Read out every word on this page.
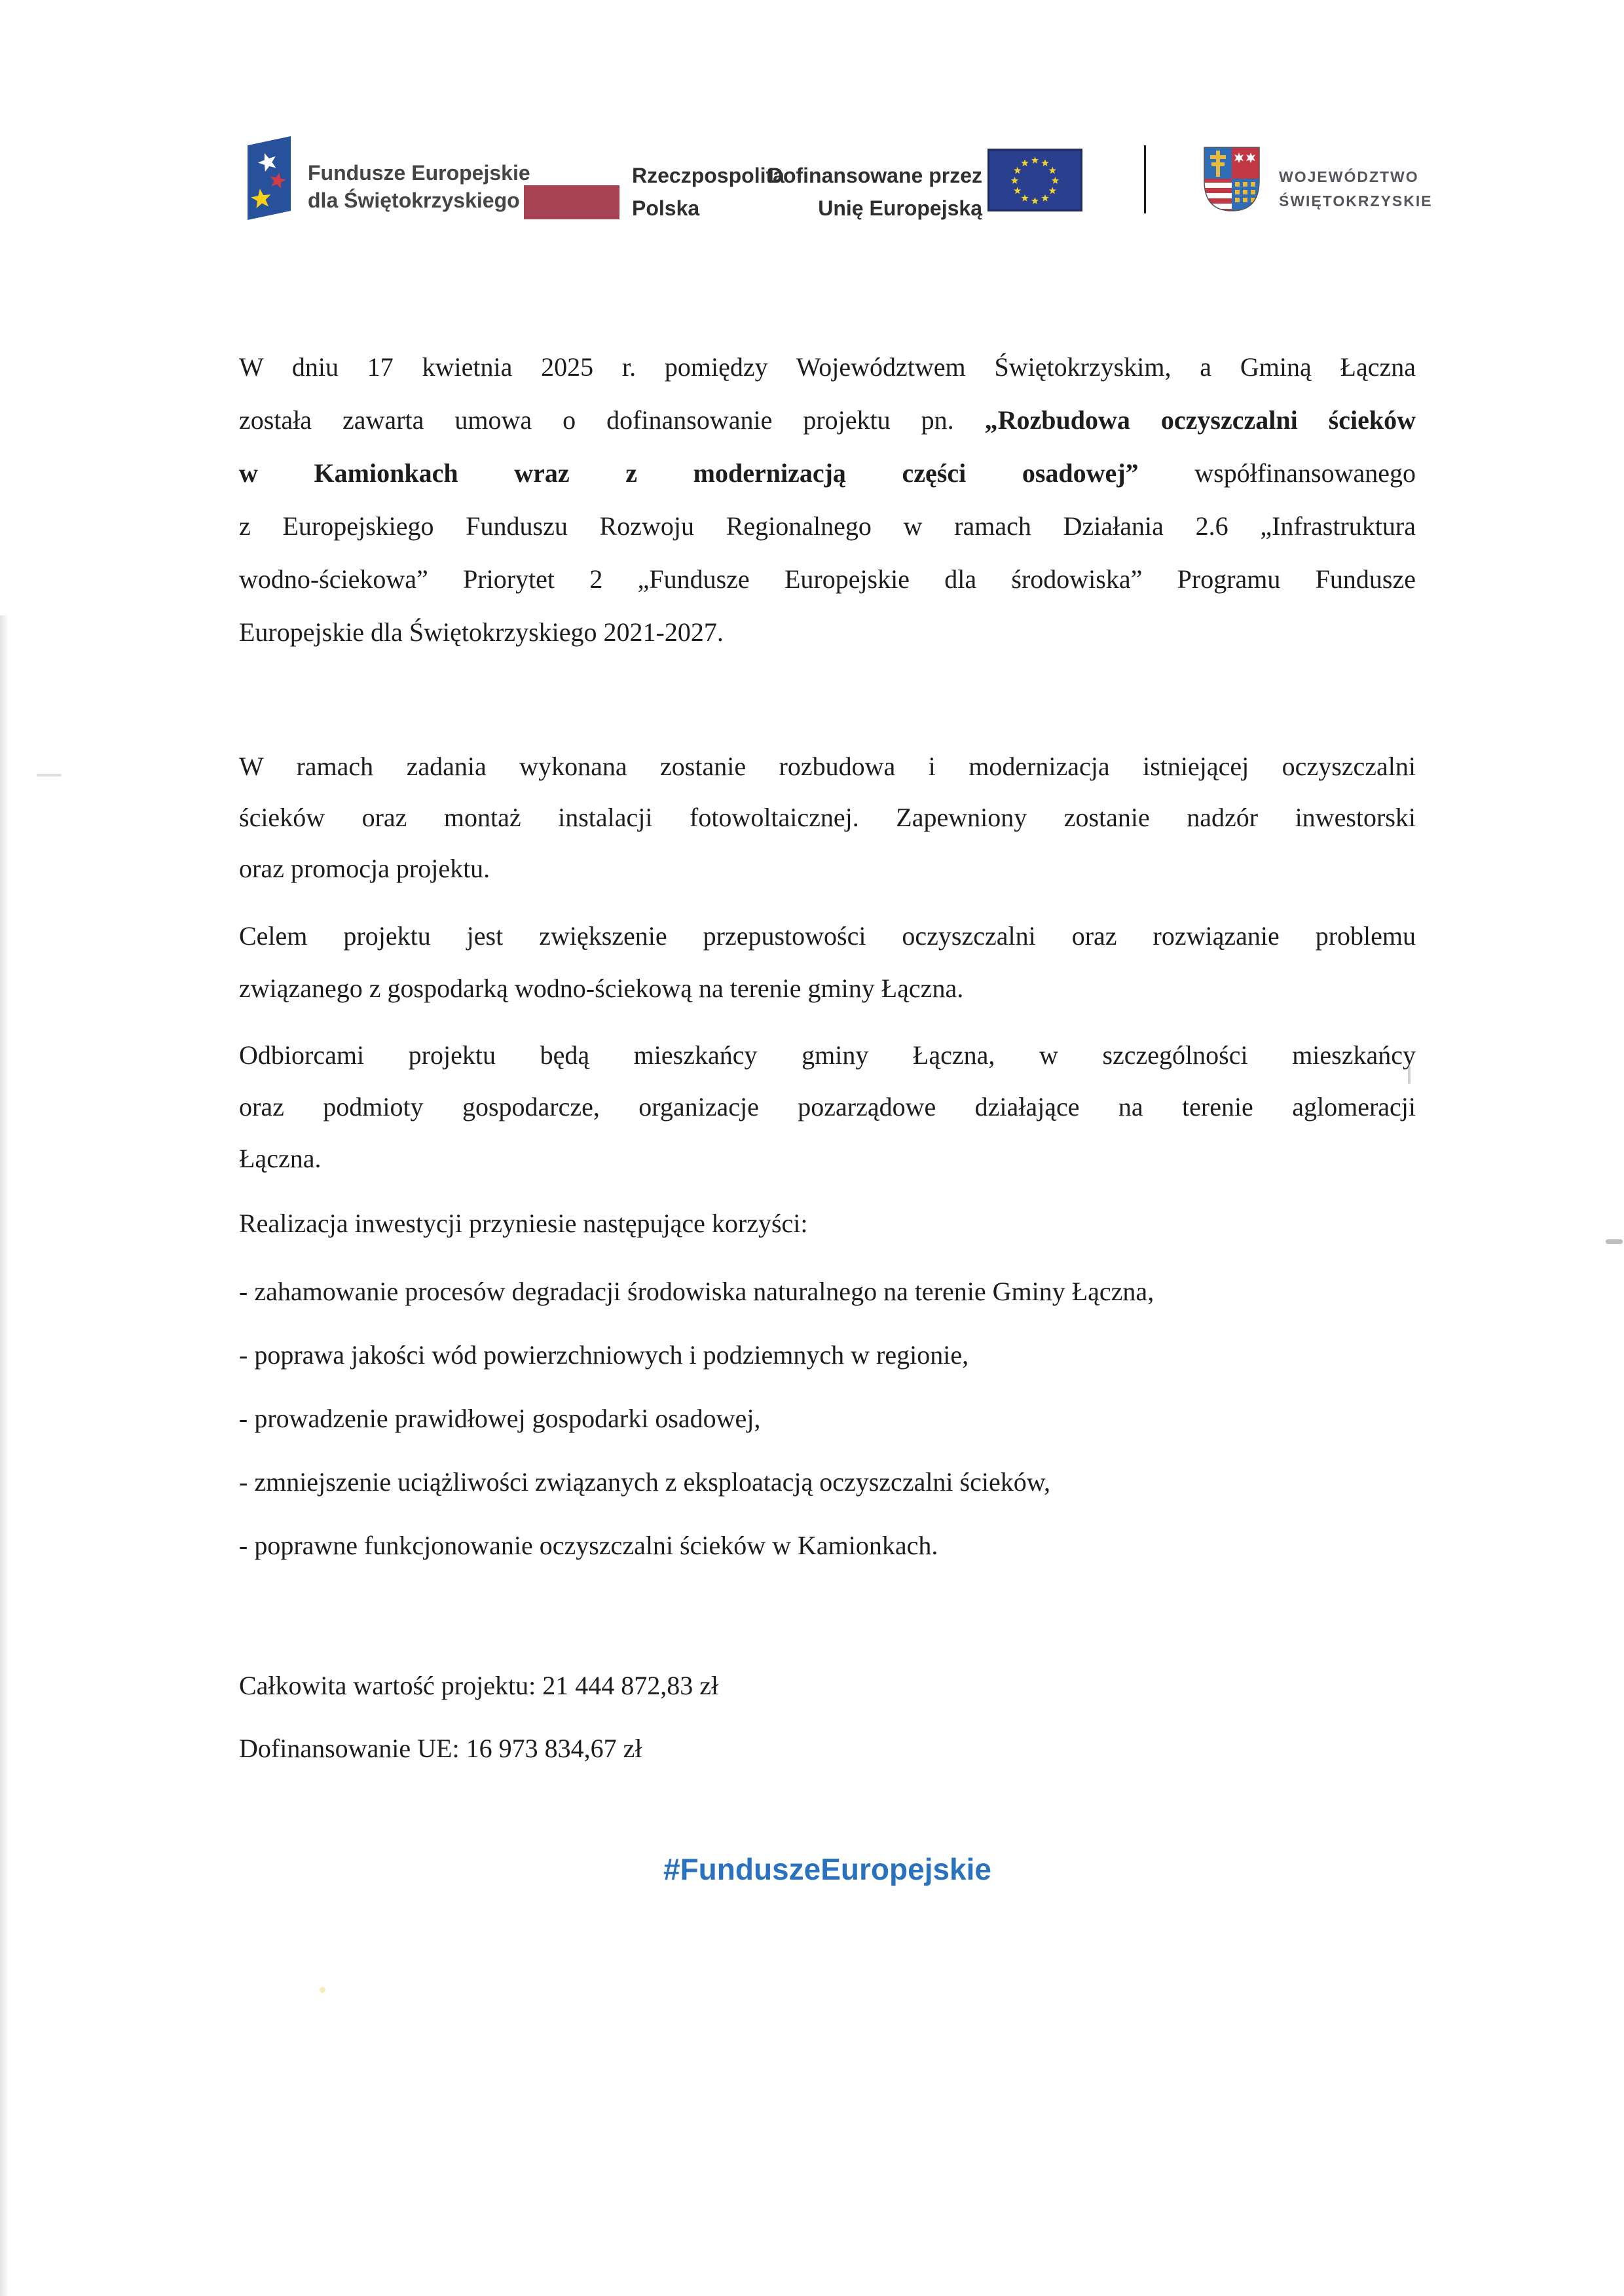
Fundusze Europejskie
dla Świętokrzyskiego
Rzeczpospolita
Polska
Dofinansowane przez
Unię Europejską
WOJEWÓDZTWO
ŚWIĘTOKRZYSKIE
W dniu 17 kwietnia 2025 r. pomiędzy Województwem Świętokrzyskim, a Gminą Łączna
została zawarta umowa o dofinansowanie projektu pn. „Rozbudowa oczyszczalni ścieków
w Kamionkach wraz z modernizacją części osadowej” współfinansowanego
z Europejskiego Funduszu Rozwoju Regionalnego w ramach Działania 2.6 „Infrastruktura
wodno-ściekowa” Priorytet 2 „Fundusze Europejskie dla środowiska” Programu Fundusze
Europejskie dla Świętokrzyskiego 2021-2027.
W ramach zadania wykonana zostanie rozbudowa i modernizacja istniejącej oczyszczalni
ścieków oraz montaż instalacji fotowoltaicznej. Zapewniony zostanie nadzór inwestorski
oraz promocja projektu.
Celem projektu jest zwiększenie przepustowości oczyszczalni oraz rozwiązanie problemu
związanego z gospodarką wodno-ściekową na terenie gminy Łączna.
Odbiorcami projektu będą mieszkańcy gminy Łączna, w szczególności mieszkańcy
oraz podmioty gospodarcze, organizacje pozarządowe działające na terenie aglomeracji
Łączna.
Realizacja inwestycji przyniesie następujące korzyści:
- zahamowanie procesów degradacji środowiska naturalnego na terenie Gminy Łączna,
- poprawa jakości wód powierzchniowych i podziemnych w regionie,
- prowadzenie prawidłowej gospodarki osadowej,
- zmniejszenie uciążliwości związanych z eksploatacją oczyszczalni ścieków,
- poprawne funkcjonowanie oczyszczalni ścieków w Kamionkach.
Całkowita wartość projektu: 21 444 872,83 zł
Dofinansowanie UE: 16 973 834,67 zł
#FunduszeEuropejskie
